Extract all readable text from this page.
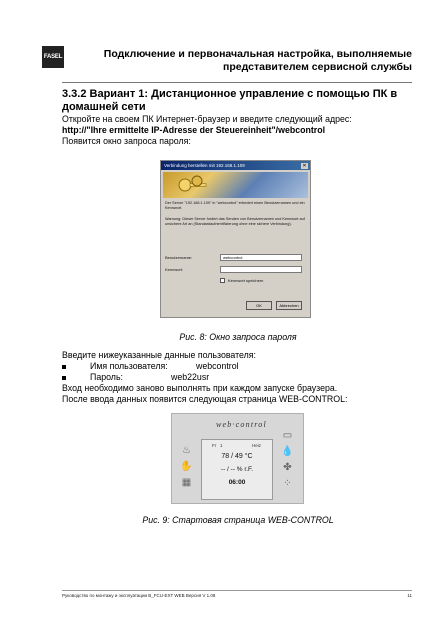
FASEL	Подключение и первоначальная настройка, выполняемые
представителем сервисной службы
3.3.2 Вариант 1: Дистанционное управление с помощью ПК в
домашней сети
Откройте на своем ПК Интернет-браузер и введите следующий адрес:
http://"Ihre ermittelte IP-Adresse der Steuereinheit"/webcontrol
Появится окно запроса пароля:
Verbindung herstellen mit 192.168.1.109	✕
Der Server "192.168.1.109" in "webcontrol" erfordert einen Benutzernamen und ein Kennwort.
Warnung: Dieser Server fordert das Senden von Benutzernamen und Kennwort auf unsichere Art an (Standardauthentifizierung ohne eine sichere Verbindung).
Benutzername:	webcontrol
Kennwort:
Kennwort speichern
OK	Abbrechen
Рис. 8: Окно запроса пароля
Введите нижеуказанные данные пользователя:
Имя пользователя:	webcontrol
Пароль:	web22usr
Вход необходимо заново выполнять при каждом запуске браузера.
После ввода данных появится следующая страница WEB-CONTROL:
web·control
♨
✋
▦
Fr 1	Heiz
78 / 49 °C
-- / -- % r.F.
06:00
▭
💧
✤
⁘
Рис. 9: Стартовая страница WEB-CONTROL
Руководство по монтажу и эксплуатации B_FCU-EXT WEB Версия V 1.08	11
